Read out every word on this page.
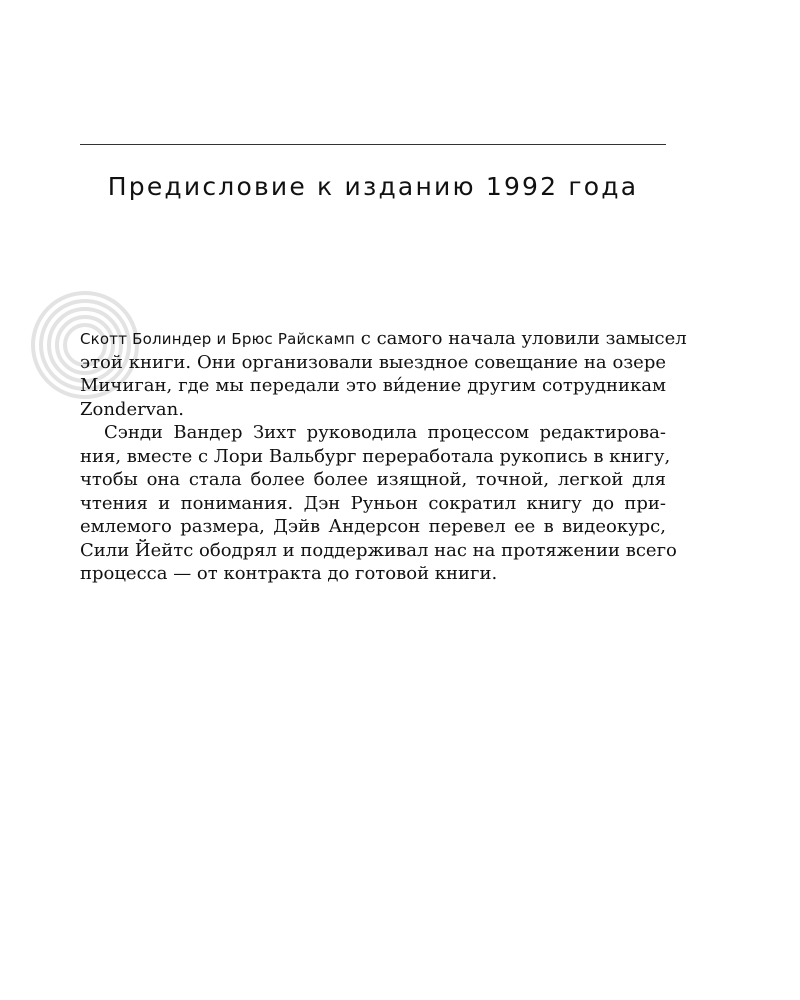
Предисловие к изданию 1992 года
Скотт Болиндер и Брюс Райскамп с самого начала уловили замысел
этой книги. Они организовали выездное совещание на озере
Мичиган, где мы передали это ви́дение другим сотрудникам
Zondervan.
Сэнди Вандер Зихт руководила процессом редактирова-
ния, вместе с Лори Вальбург переработала рукопись в книгу,
чтобы она стала более более изящной, точной, легкой для
чтения и понимания. Дэн Руньон сократил книгу до при-
емлемого размера, Дэйв Андерсон перевел ее в видеокурс,
Сили Йейтс ободрял и поддерживал нас на протяжении всего
процесса — от контракта до готовой книги.
